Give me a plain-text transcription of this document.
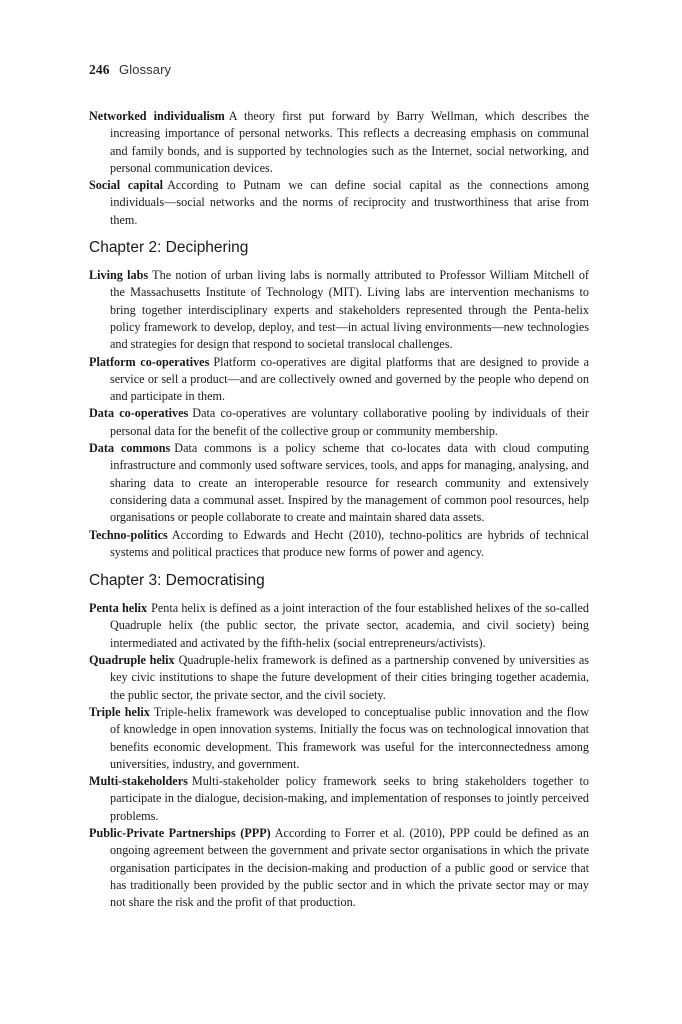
246 Glossary

Networked individualism A theory first put forward by Barry Wellman, which describes the increasing importance of personal networks. This reflects a decreasing emphasis on communal and family bonds, and is supported by technologies such as the Internet, social networking, and personal communication devices.

Social capital According to Putnam we can define social capital as the connections among individuals—social networks and the norms of reciprocity and trustworthiness that arise from them.

Chapter 2: Deciphering

Living labs The notion of urban living labs is normally attributed to Professor William Mitchell of the Massachusetts Institute of Technology (MIT). Living labs are intervention mechanisms to bring together interdisciplinary experts and stakeholders represented through the Penta-helix policy framework to develop, deploy, and test—in actual living environments—new technologies and strategies for design that respond to societal translocal challenges.

Platform co-operatives Platform co-operatives are digital platforms that are designed to provide a service or sell a product—and are collectively owned and governed by the people who depend on and participate in them.

Data co-operatives Data co-operatives are voluntary collaborative pooling by individuals of their personal data for the benefit of the collective group or community membership.

Data commons Data commons is a policy scheme that co-locates data with cloud computing infrastructure and commonly used software services, tools, and apps for managing, analysing, and sharing data to create an interoperable resource for research community and extensively considering data a communal asset. Inspired by the management of common pool resources, help organisations or people collaborate to create and maintain shared data assets.

Techno-politics According to Edwards and Hecht (2010), techno-politics are hybrids of technical systems and political practices that produce new forms of power and agency.

Chapter 3: Democratising

Penta helix Penta helix is defined as a joint interaction of the four established helixes of the so-called Quadruple helix (the public sector, the private sector, academia, and civil society) being intermediated and activated by the fifth-helix (social entrepreneurs/activists).

Quadruple helix Quadruple-helix framework is defined as a partnership convened by universities as key civic institutions to shape the future development of their cities bringing together academia, the public sector, the private sector, and the civil society.

Triple helix Triple-helix framework was developed to conceptualise public innovation and the flow of knowledge in open innovation systems. Initially the focus was on technological innovation that benefits economic development. This framework was useful for the interconnectedness among universities, industry, and government.

Multi-stakeholders Multi-stakeholder policy framework seeks to bring stakeholders together to participate in the dialogue, decision-making, and implementation of responses to jointly perceived problems.

Public-Private Partnerships (PPP) According to Forrer et al. (2010), PPP could be defined as an ongoing agreement between the government and private sector organisations in which the private organisation participates in the decision-making and production of a public good or service that has traditionally been provided by the public sector and in which the private sector may or may not share the risk and the profit of that production.
